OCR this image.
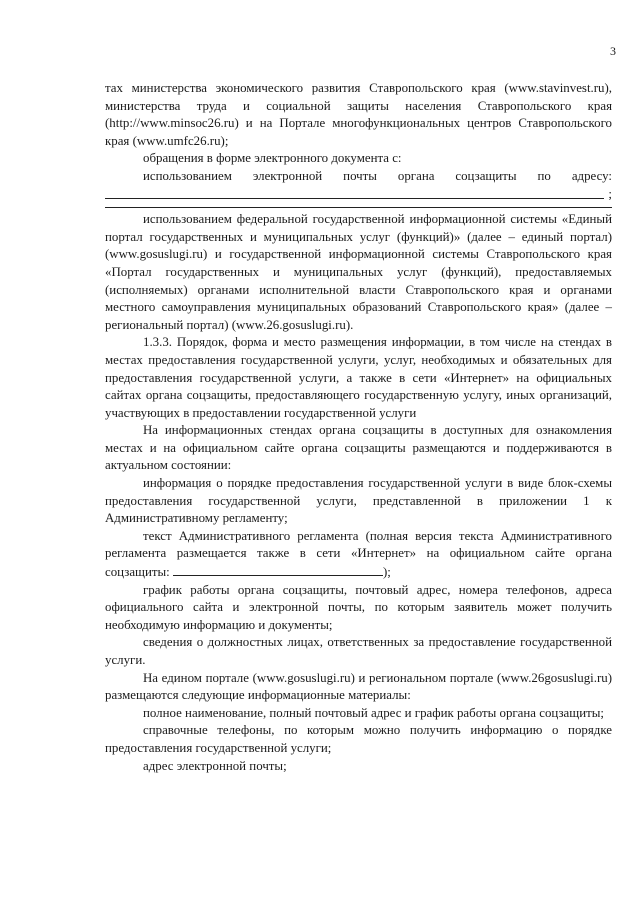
3

тах министерства экономического развития Ставропольского края (www.stavinvest.ru), министерства труда и социальной защиты населения Ставропольского края (http://www.minsoc26.ru) и на Портале многофункциональных центров Ставропольского края (www.umfc26.ru);

обращения в форме электронного документа с:

использованием электронной почты органа соцзащиты по адресу:

;

использованием федеральной государственной информационной системы «Единый портал государственных и муниципальных услуг (функций)» (далее – единый портал) (www.gosuslugi.ru) и государственной информационной системы Ставропольского края «Портал государственных и муниципальных услуг (функций), предоставляемых (исполняемых) органами исполнительной власти Ставропольского края и органами местного самоуправления муниципальных образований Ставропольского края» (далее – региональный портал) (www.26.gosuslugi.ru).

1.3.3. Порядок, форма и место размещения информации, в том числе на стендах в местах предоставления государственной услуги, услуг, необходимых и обязательных для предоставления государственной услуги, а также в сети «Интернет» на официальных сайтах органа соцзащиты, предоставляющего государственную услугу, иных организаций, участвующих в предоставлении государственной услуги

На информационных стендах органа соцзащиты в доступных для ознакомления местах и на официальном сайте органа соцзащиты размещаются и поддерживаются в актуальном состоянии:

информация о порядке предоставления государственной услуги в виде блок-схемы предоставления государственной услуги, представленной в приложении 1 к Административному регламенту;

текст Административного регламента (полная версия текста Административного регламента размещается также в сети «Интернет» на официальном сайте органа соцзащиты:	);

график работы органа соцзащиты, почтовый адрес, номера телефонов, адреса официального сайта и электронной почты, по которым заявитель может получить необходимую информацию и документы;

сведения о должностных лицах, ответственных за предоставление государственной услуги.

На едином портале (www.gosuslugi.ru) и региональном портале (www.26gosuslugi.ru) размещаются следующие информационные материалы:

полное наименование, полный почтовый адрес и график работы органа соцзащиты;

справочные телефоны, по которым можно получить информацию о порядке предоставления государственной услуги;

адрес электронной почты;
